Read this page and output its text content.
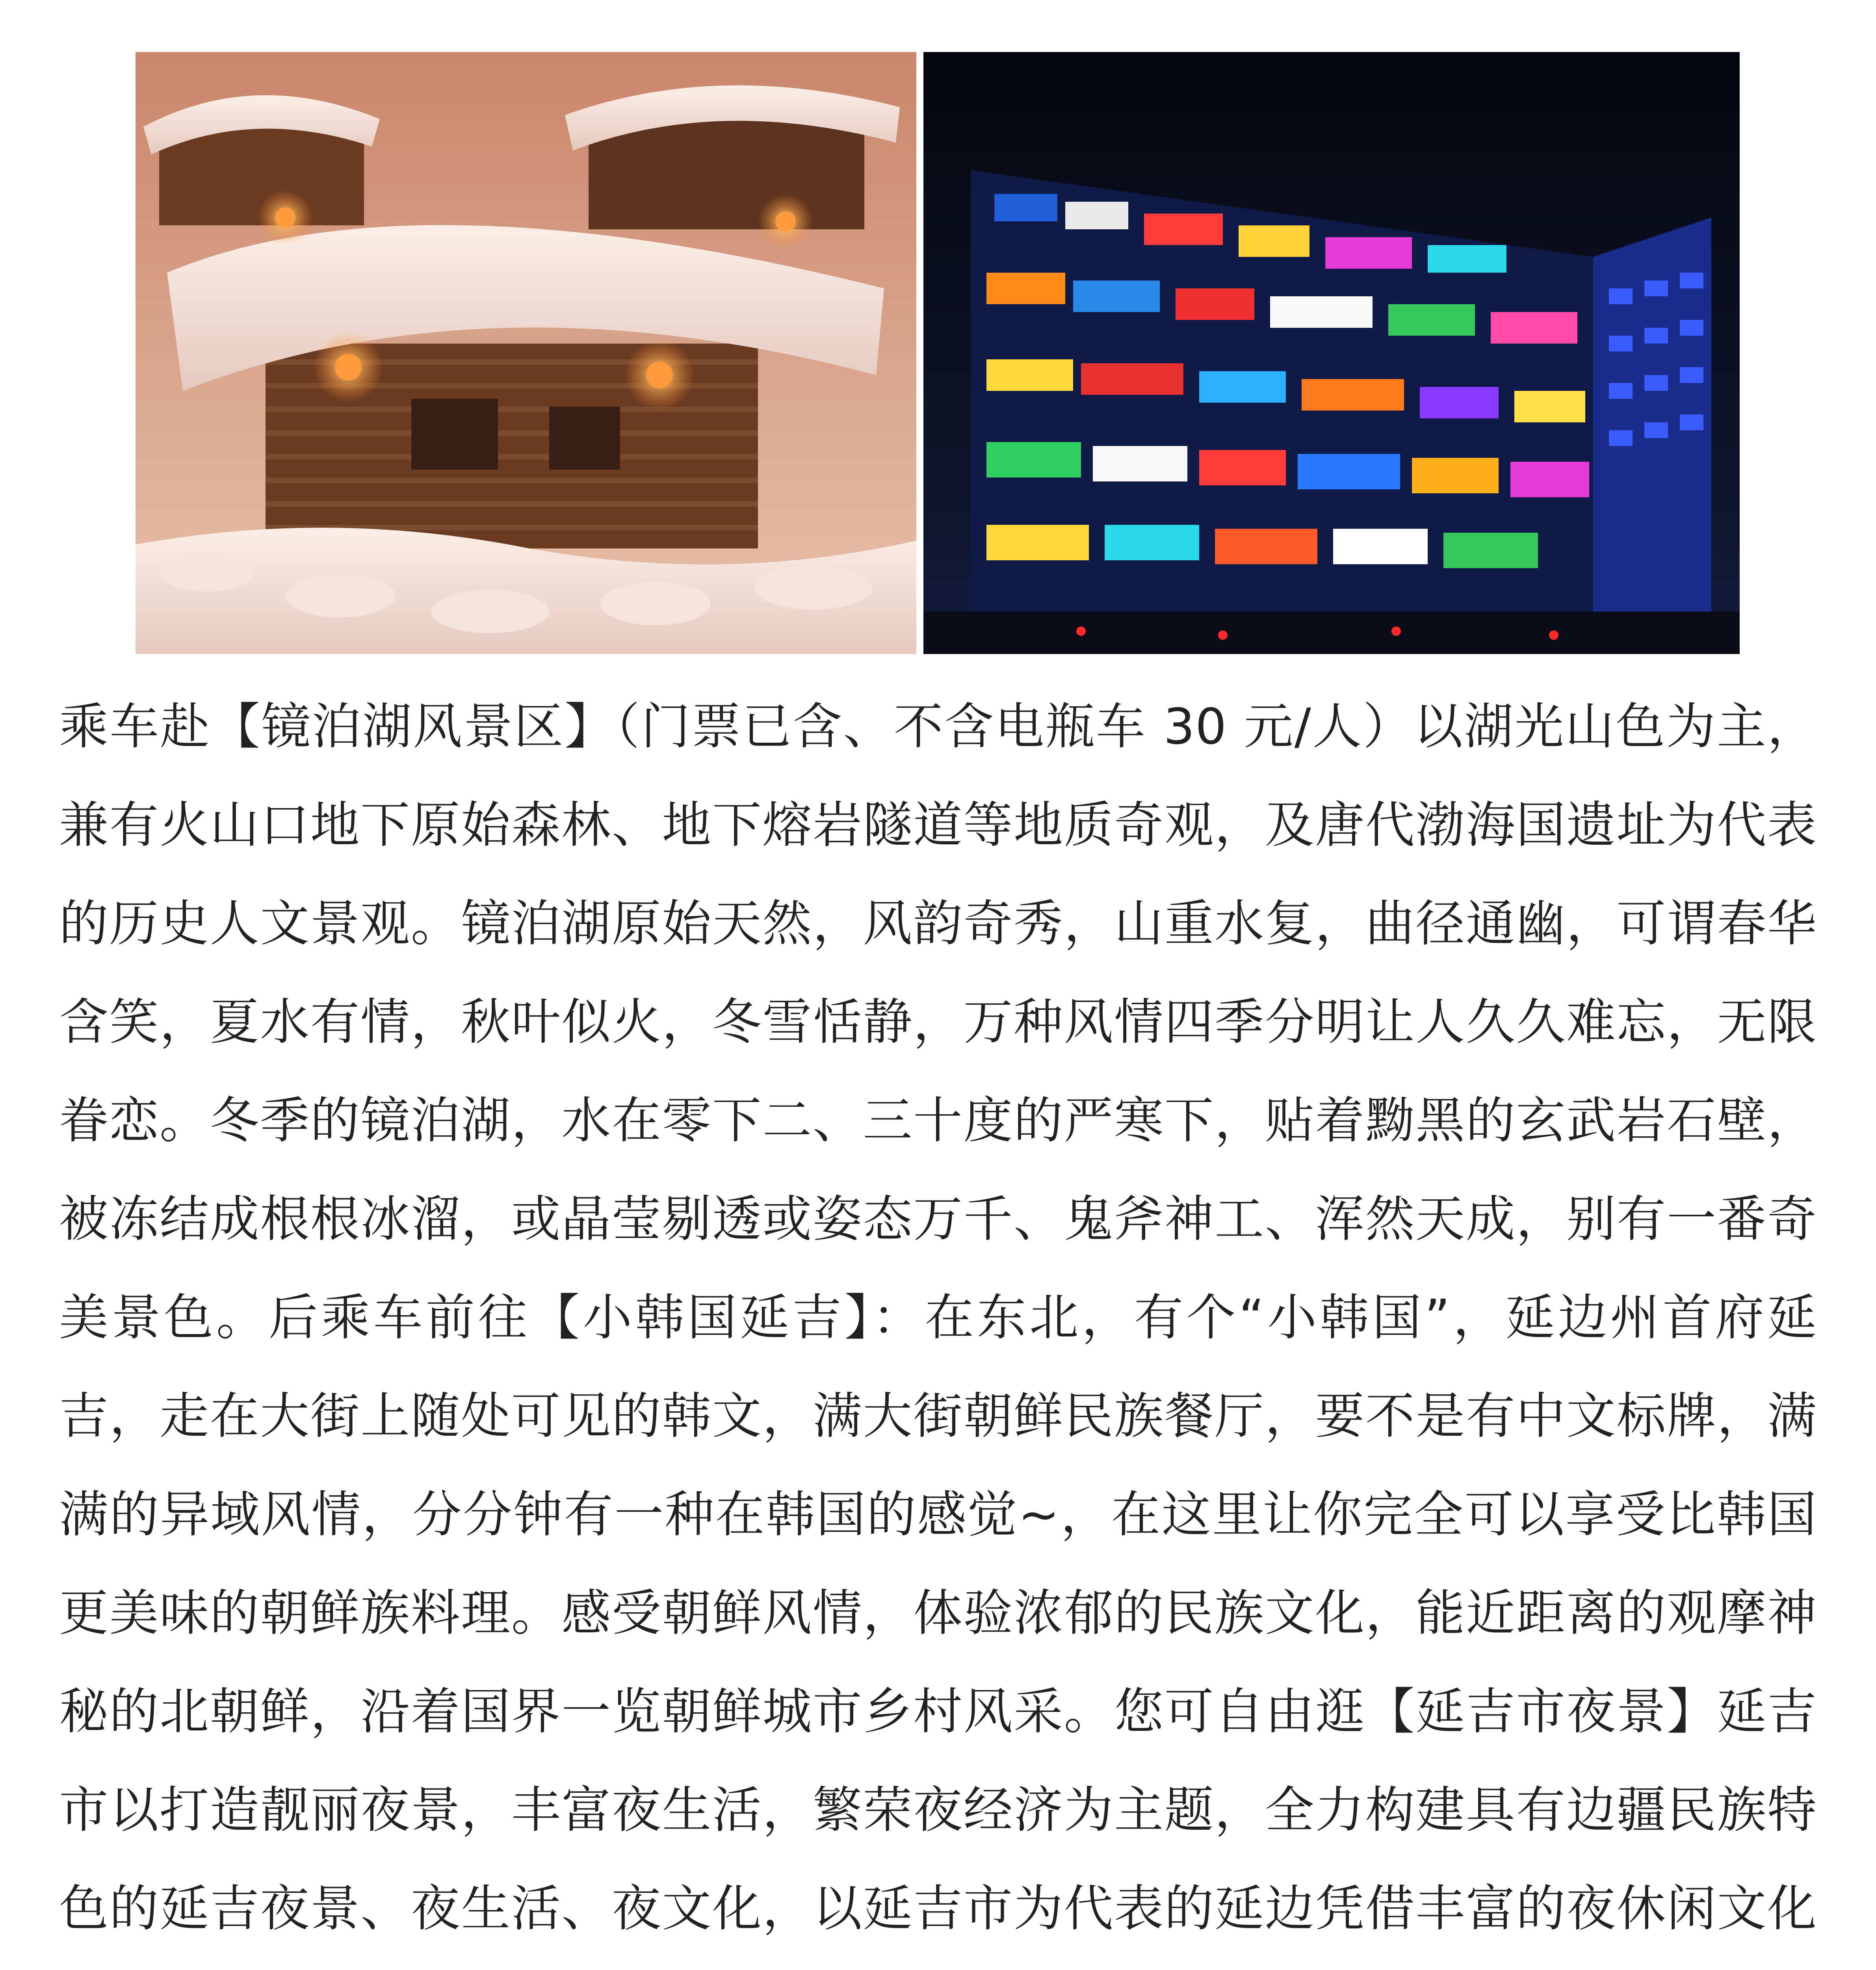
乘车赴【镜泊湖风景区】（门票已含、不含电瓶车 30 元/人）以湖光山色为主，兼有火山口地下原始森林、地下熔岩隧道等地质奇观，及唐代渤海国遗址为代表的历史人文景观。镜泊湖原始天然，风韵奇秀，山重水复，曲径通幽，可谓春华含笑，夏水有情，秋叶似火，冬雪恬静，万种风情四季分明让人久久难忘，无限眷恋。冬季的镜泊湖，水在零下二、三十度的严寒下，贴着黝黑的玄武岩石壁，被冻结成根根冰溜，或晶莹剔透或姿态万千、鬼斧神工、浑然天成，别有一番奇美景色。后乘车前往【小韩国延吉】：在东北，有个“小韩国”，延边州首府延吉，走在大街上随处可见的韩文，满大街朝鲜民族餐厅，要不是有中文标牌，满满的异域风情，分分钟有一种在韩国的感觉~，在这里让你完全可以享受比韩国更美味的朝鲜族料理。感受朝鲜风情，体验浓郁的民族文化，能近距离的观摩神秘的北朝鲜，沿着国界一览朝鲜城市乡村风采。您可自由逛【延吉市夜景】延吉市以打造靓丽夜景，丰富夜生活，繁荣夜经济为主题，全力构建具有边疆民族特色的延吉夜景、夜生活、夜文化，以延吉市为代表的延边凭借丰富的夜休闲文化
